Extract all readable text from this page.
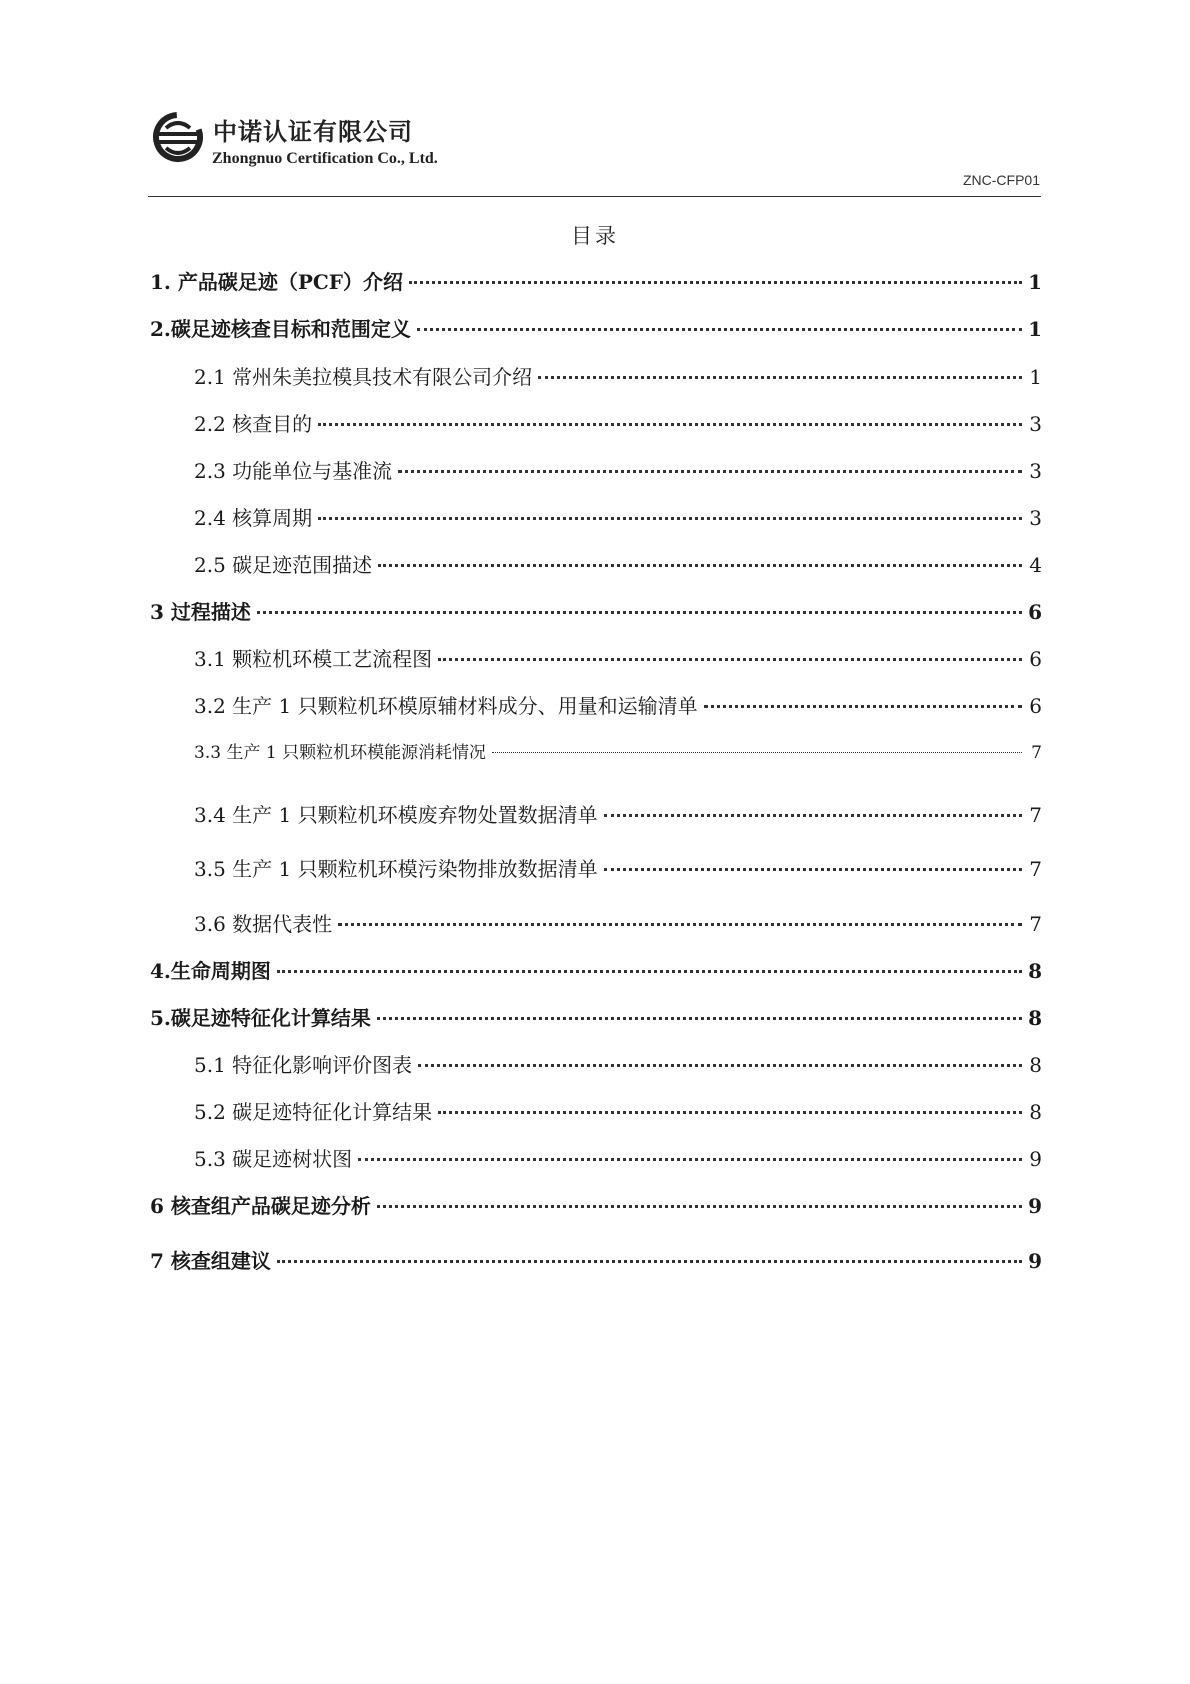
中诺认证有限公司
Zhongnuo Certification Co., Ltd.
ZNC-CFP01
目录
1. 产品碳足迹（PCF）介绍	1
2.碳足迹核查目标和范围定义	1
2.1 常州朱美拉模具技术有限公司介绍	1
2.2 核查目的	3
2.3 功能单位与基准流	3
2.4 核算周期	3
2.5 碳足迹范围描述	4
3 过程描述	6
3.1 颗粒机环模工艺流程图	6
3.2 生产 1 只颗粒机环模原辅材料成分、用量和运输清单	6
3.3 生产 1 只颗粒机环模能源消耗情况	7
3.4 生产 1 只颗粒机环模废弃物处置数据清单	7
3.5 生产 1 只颗粒机环模污染物排放数据清单	7
3.6 数据代表性	7
4.生命周期图	8
5.碳足迹特征化计算结果	8
5.1 特征化影响评价图表	8
5.2 碳足迹特征化计算结果	8
5.3 碳足迹树状图	9
6 核查组产品碳足迹分析	9
7 核查组建议	9
